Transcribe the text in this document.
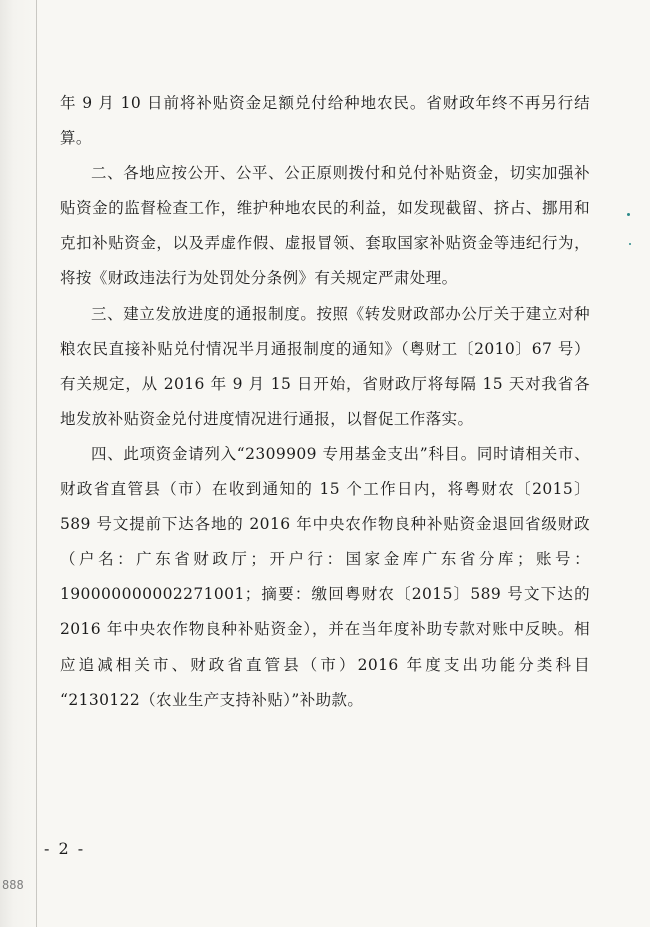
年 9 月 10 日前将补贴资金足额兑付给种地农民。省财政年终不再另行结算。

二、各地应按公开、公平、公正原则拨付和兑付补贴资金，切实加强补贴资金的监督检查工作，维护种地农民的利益，如发现截留、挤占、挪用和克扣补贴资金，以及弄虚作假、虚报冒领、套取国家补贴资金等违纪行为，将按《财政违法行为处罚处分条例》有关规定严肃处理。

三、建立发放进度的通报制度。按照《转发财政部办公厅关于建立对种粮农民直接补贴兑付情况半月通报制度的通知》（粤财工〔2010〕67 号）有关规定，从 2016 年 9 月 15 日开始，省财政厅将每隔 15 天对我省各地发放补贴资金兑付进度情况进行通报，以督促工作落实。

四、此项资金请列入“2309909 专用基金支出”科目。同时请相关市、财政省直管县（市）在收到通知的 15 个工作日内，将粤财农〔2015〕589 号文提前下达各地的 2016 年中央农作物良种补贴资金退回省级财政（户名：广东省财政厅；开户行：国家金库广东省分库；账号：190000000002271001；摘要：缴回粤财农〔2015〕589 号文下达的 2016 年中央农作物良种补贴资金），并在当年度补助专款对账中反映。相应追减相关市、财政省直管县（市）2016 年度支出功能分类科目 “2130122（农业生产支持补贴）”补助款。

- 2 -
888
